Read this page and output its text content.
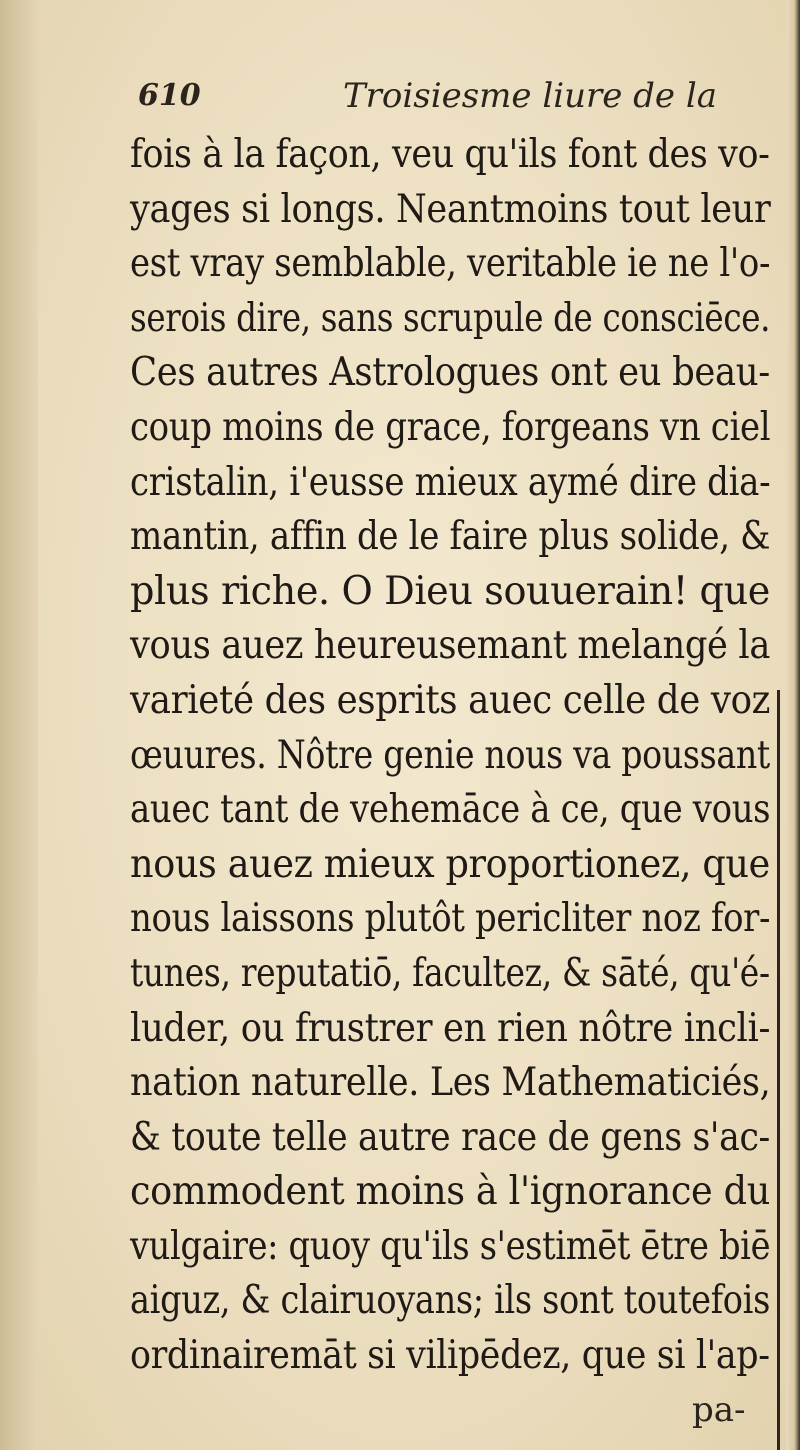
610	Troisiesme liure de la
fois à la façon, veu qu'ils font des vo-
yages si longs. Neantmoins tout leur
est vray semblable, veritable ie ne l'o-
serois dire, sans scrupule de consciēce.
Ces autres Astrologues ont eu beau-
coup moins de grace, forgeans vn ciel
cristalin, i'eusse mieux aymé dire dia-
mantin, affin de le faire plus solide, &
plus riche. O Dieu souuerain! que
vous auez heureusemant melangé la
varieté des esprits auec celle de voz
œuures. Nôtre genie nous va poussant
auec tant de vehemāce à ce, que vous
nous auez mieux proportionez, que
nous laissons plutôt pericliter noz for-
tunes, reputatiō, facultez, & sāté, qu'é-
luder, ou frustrer en rien nôtre incli-
nation naturelle. Les Mathematiciés,
& toute telle autre race de gens s'ac-
commodent moins à l'ignorance du
vulgaire: quoy qu'ils s'estimēt ētre biē
aiguz, & clairuoyans; ils sont toutefois
ordinairemāt si vilipēdez, que si l'ap-
pa-
